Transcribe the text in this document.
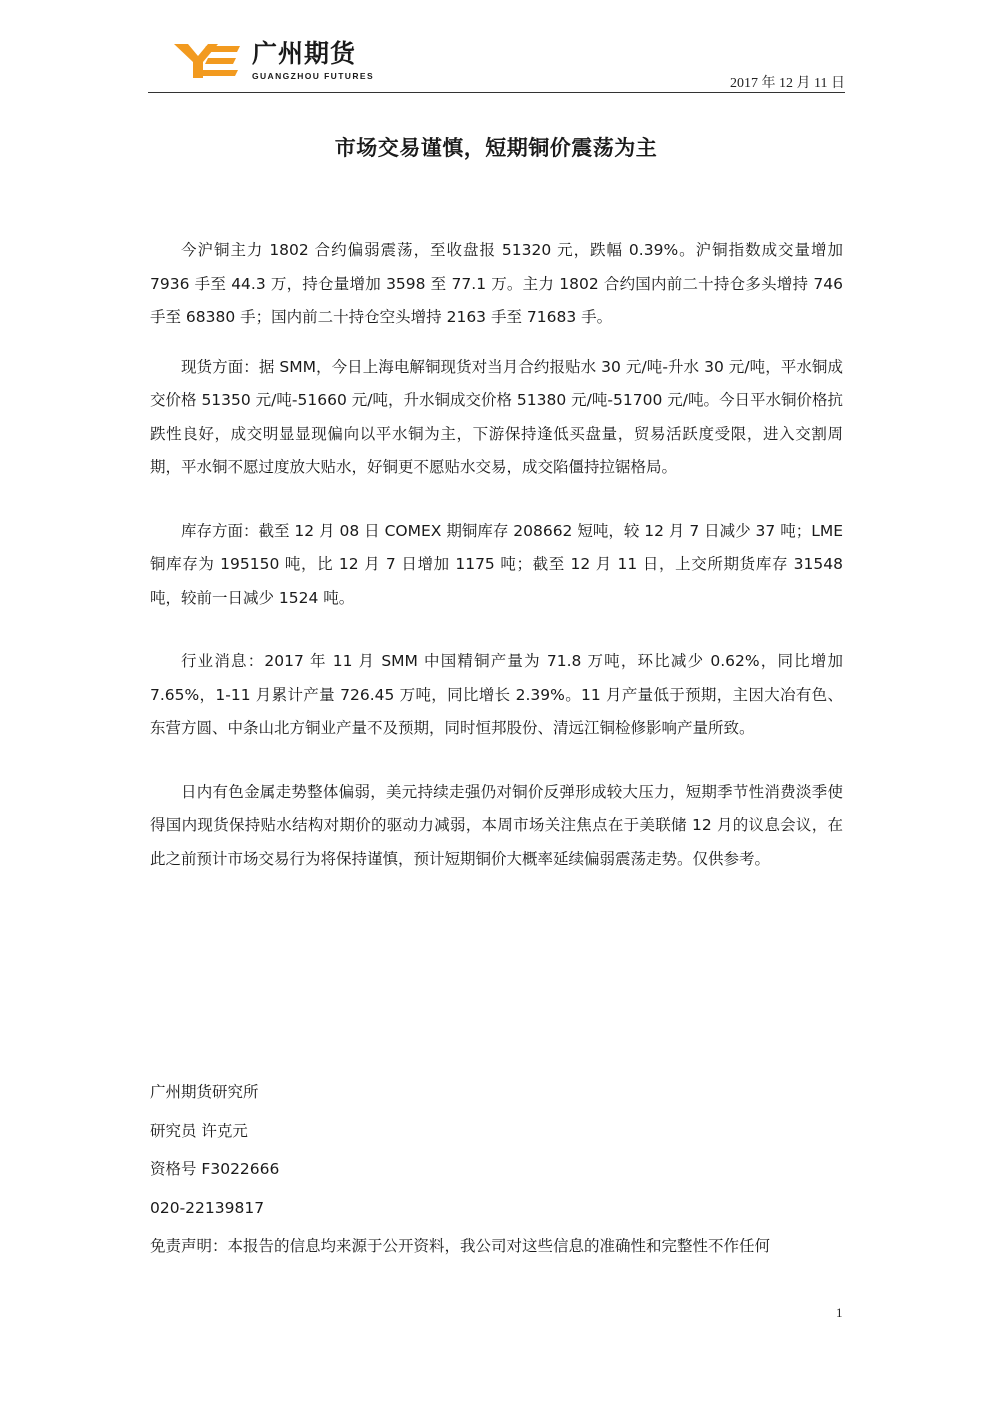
广州期货
GUANGZHOU FUTURES	2017 年 12 月 11 日
市场交易谨慎，短期铜价震荡为主

今沪铜主力 1802 合约偏弱震荡，至收盘报 51320 元，跌幅 0.39%。沪铜指数成交量增加 7936 手至 44.3 万，持仓量增加 3598 至 77.1 万。主力 1802 合约国内前二十持仓多头增持 746 手至 68380 手；国内前二十持仓空头增持 2163 手至 71683 手。

现货方面：据 SMM，今日上海电解铜现货对当月合约报贴水 30 元/吨-升水 30 元/吨，平水铜成交价格 51350 元/吨-51660 元/吨，升水铜成交价格 51380 元/吨-51700 元/吨。今日平水铜价格抗跌性良好，成交明显显现偏向以平水铜为主，下游保持逢低买盘量，贸易活跃度受限，进入交割周期，平水铜不愿过度放大贴水，好铜更不愿贴水交易，成交陷僵持拉锯格局。

库存方面：截至 12 月 08 日 COMEX 期铜库存 208662 短吨，较 12 月 7 日减少 37 吨；LME 铜库存为 195150 吨，比 12 月 7 日增加 1175 吨；截至 12 月 11 日，上交所期货库存 31548 吨，较前一日减少 1524 吨。

行业消息：2017 年 11 月 SMM 中国精铜产量为 71.8 万吨，环比减少 0.62%，同比增加 7.65%，1-11 月累计产量 726.45 万吨，同比增长 2.39%。11 月产量低于预期，主因大冶有色、东营方圆、中条山北方铜业产量不及预期，同时恒邦股份、清远江铜检修影响产量所致。

日内有色金属走势整体偏弱，美元持续走强仍对铜价反弹形成较大压力，短期季节性消费淡季使得国内现货保持贴水结构对期价的驱动力减弱，本周市场关注焦点在于美联储 12 月的议息会议，在此之前预计市场交易行为将保持谨慎，预计短期铜价大概率延续偏弱震荡走势。仅供参考。

广州期货研究所

研究员 许克元

资格号 F3022666

020-22139817

免责声明：本报告的信息均来源于公开资料，我公司对这些信息的准确性和完整性不作任何

1
